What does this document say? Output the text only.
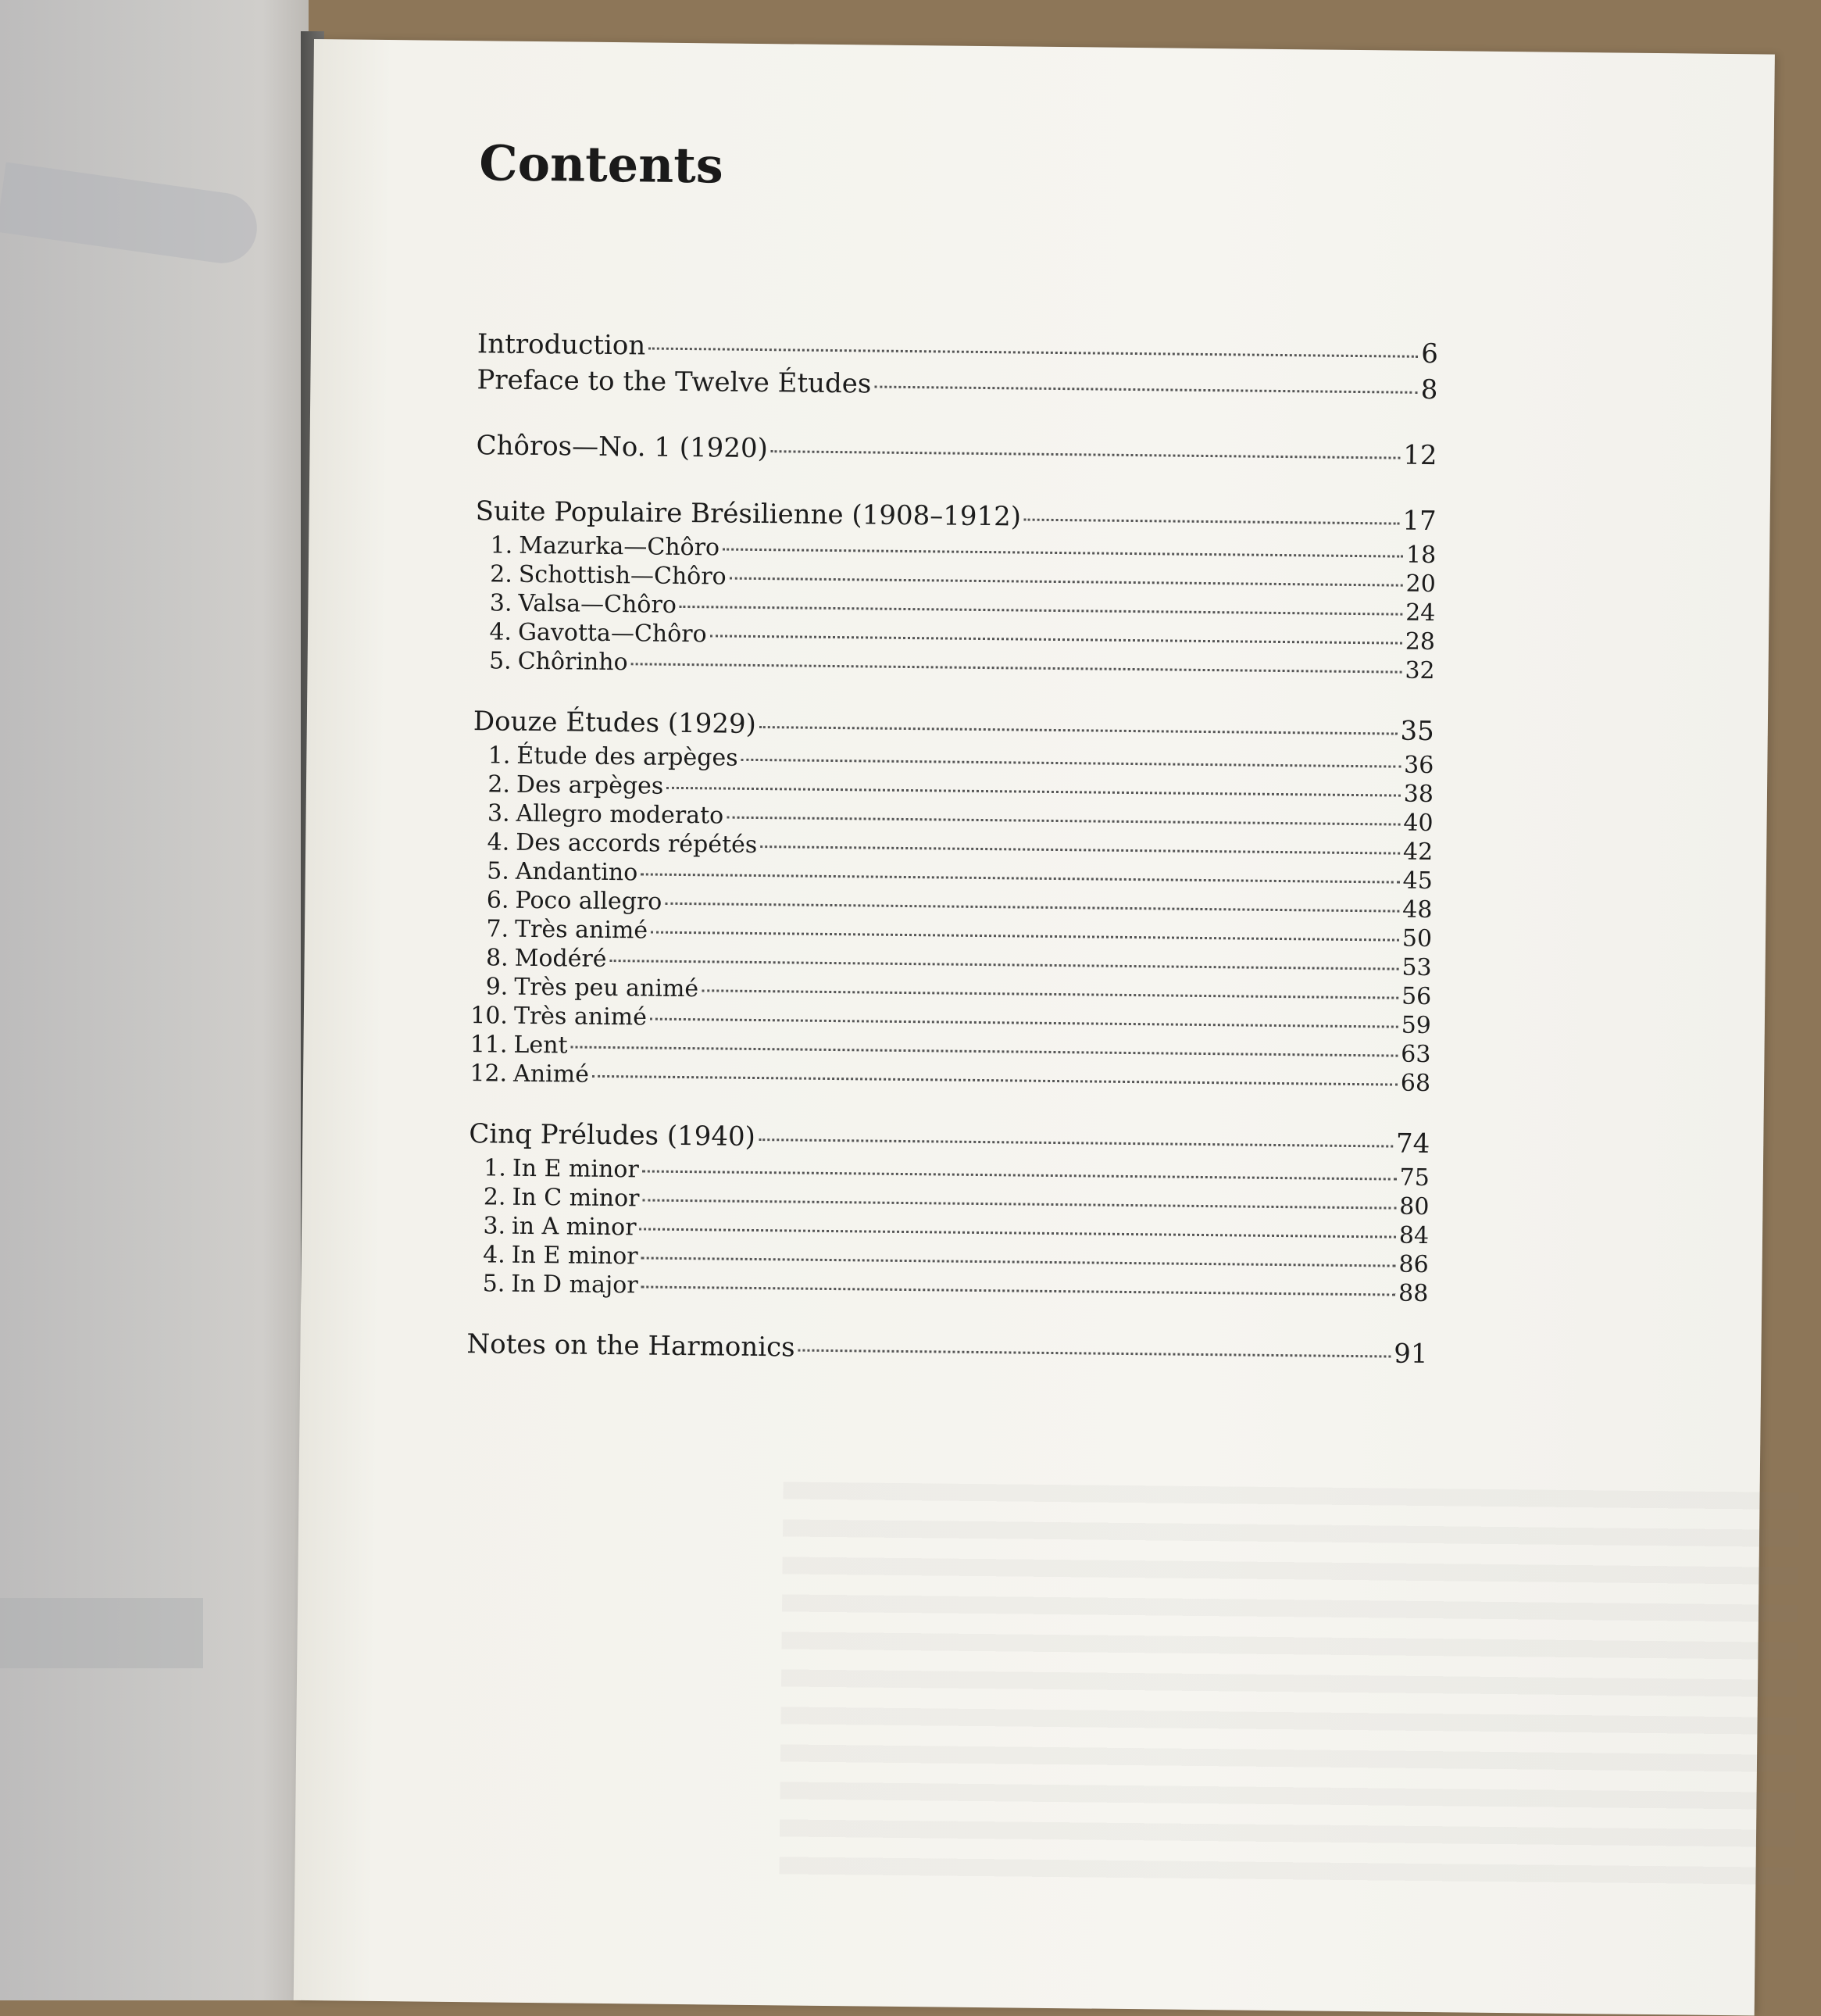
Contents
Introduction	6
Preface to the Twelve Études	8
Chôros—No. 1 (1920)	12
Suite Populaire Brésilienne (1908–1912)	17
1. Mazurka—Chôro	18
2. Schottish—Chôro	20
3. Valsa—Chôro	24
4. Gavotta—Chôro	28
5. Chôrinho	32
Douze Études (1929)	35
1. Étude des arpèges	36
2. Des arpèges	38
3. Allegro moderato	40
4. Des accords répétés	42
5. Andantino	45
6. Poco allegro	48
7. Très animé	50
8. Modéré	53
9. Très peu animé	56
10. Très animé	59
11. Lent	63
12. Animé	68
Cinq Préludes (1940)	74
1. In E minor	75
2. In C minor	80
3. in A minor	84
4. In E minor	86
5. In D major	88
Notes on the Harmonics	91
